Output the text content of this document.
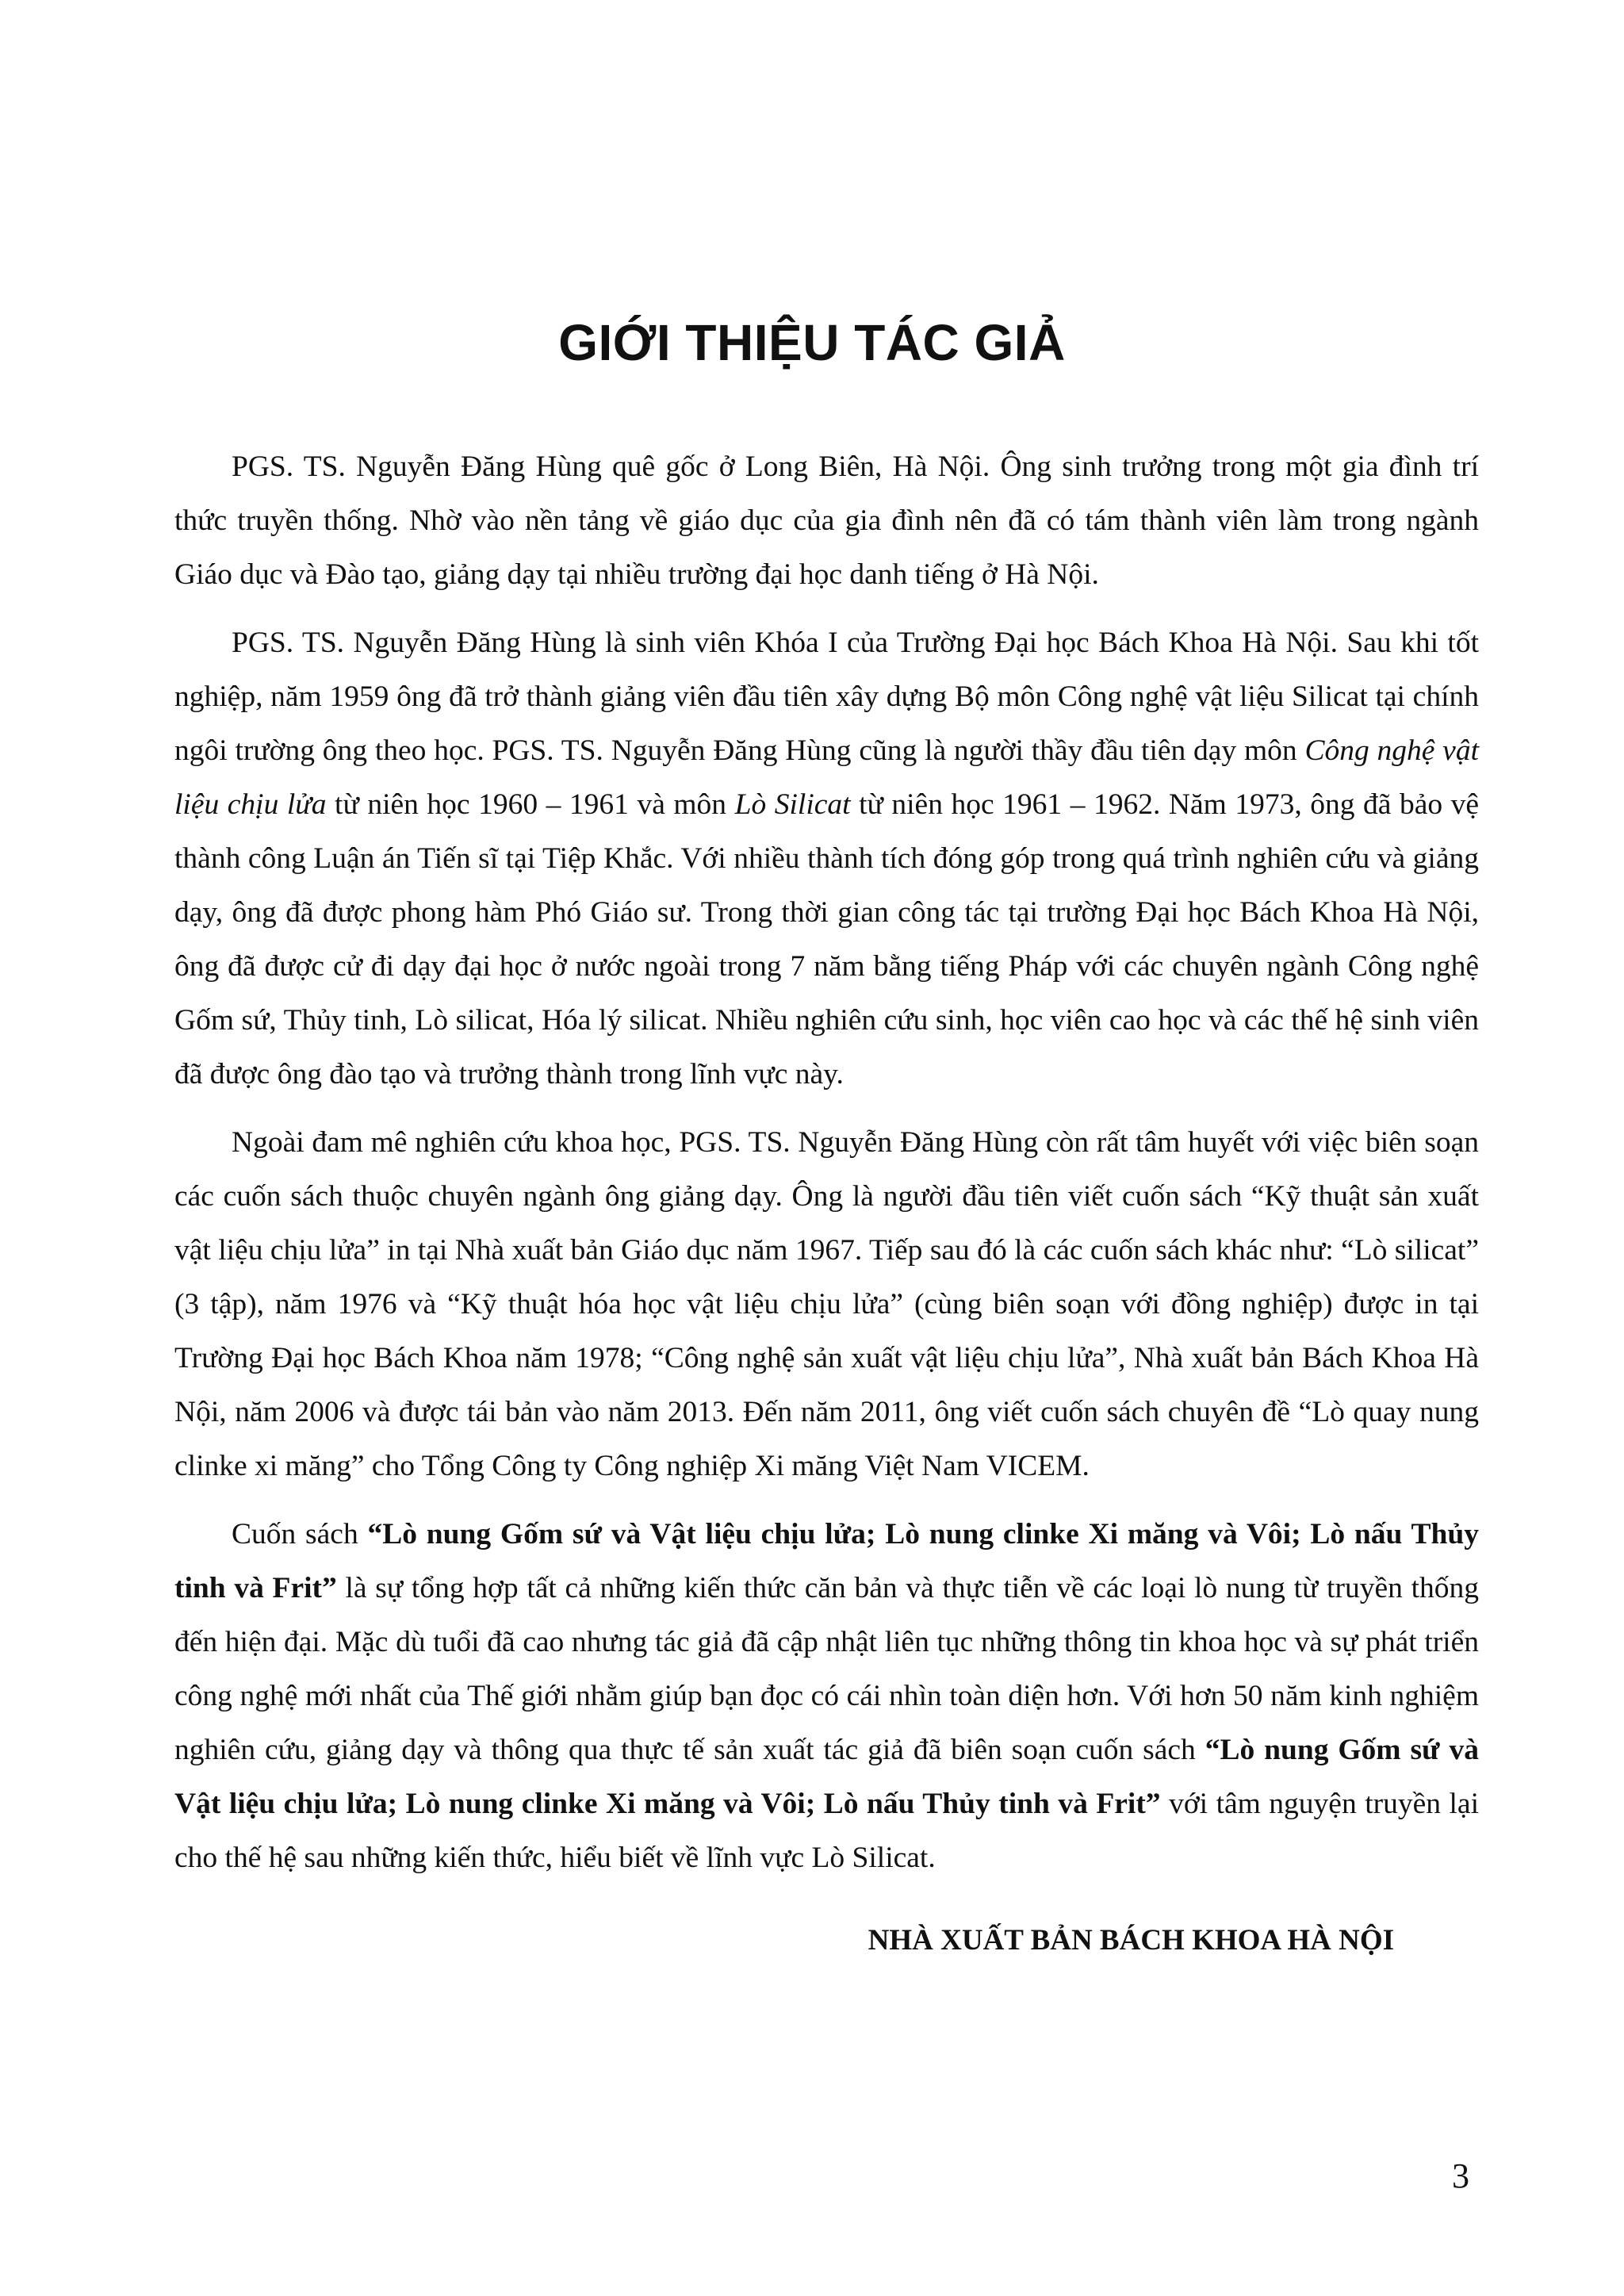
GIỚI THIỆU TÁC GIẢ

PGS. TS. Nguyễn Đăng Hùng quê gốc ở Long Biên, Hà Nội. Ông sinh trưởng trong một gia đình trí thức truyền thống. Nhờ vào nền tảng về giáo dục của gia đình nên đã có tám thành viên làm trong ngành Giáo dục và Đào tạo, giảng dạy tại nhiều trường đại học danh tiếng ở Hà Nội.

PGS. TS. Nguyễn Đăng Hùng là sinh viên Khóa I của Trường Đại học Bách Khoa Hà Nội. Sau khi tốt nghiệp, năm 1959 ông đã trở thành giảng viên đầu tiên xây dựng Bộ môn Công nghệ vật liệu Silicat tại chính ngôi trường ông theo học. PGS. TS. Nguyễn Đăng Hùng cũng là người thầy đầu tiên dạy môn Công nghệ vật liệu chịu lửa từ niên học 1960 – 1961 và môn Lò Silicat từ niên học 1961 – 1962. Năm 1973, ông đã bảo vệ thành công Luận án Tiến sĩ tại Tiệp Khắc. Với nhiều thành tích đóng góp trong quá trình nghiên cứu và giảng dạy, ông đã được phong hàm Phó Giáo sư. Trong thời gian công tác tại trường Đại học Bách Khoa Hà Nội, ông đã được cử đi dạy đại học ở nước ngoài trong 7 năm bằng tiếng Pháp với các chuyên ngành Công nghệ Gốm sứ, Thủy tinh, Lò silicat, Hóa lý silicat. Nhiều nghiên cứu sinh, học viên cao học và các thế hệ sinh viên đã được ông đào tạo và trưởng thành trong lĩnh vực này.

Ngoài đam mê nghiên cứu khoa học, PGS. TS. Nguyễn Đăng Hùng còn rất tâm huyết với việc biên soạn các cuốn sách thuộc chuyên ngành ông giảng dạy. Ông là người đầu tiên viết cuốn sách “Kỹ thuật sản xuất vật liệu chịu lửa” in tại Nhà xuất bản Giáo dục năm 1967. Tiếp sau đó là các cuốn sách khác như: “Lò silicat” (3 tập), năm 1976 và “Kỹ thuật hóa học vật liệu chịu lửa” (cùng biên soạn với đồng nghiệp) được in tại Trường Đại học Bách Khoa năm 1978; “Công nghệ sản xuất vật liệu chịu lửa”, Nhà xuất bản Bách Khoa Hà Nội, năm 2006 và được tái bản vào năm 2013. Đến năm 2011, ông viết cuốn sách chuyên đề “Lò quay nung clinke xi măng” cho Tổng Công ty Công nghiệp Xi măng Việt Nam VICEM.

Cuốn sách “Lò nung Gốm sứ và Vật liệu chịu lửa; Lò nung clinke Xi măng và Vôi; Lò nấu Thủy tinh và Frit” là sự tổng hợp tất cả những kiến thức căn bản và thực tiễn về các loại lò nung từ truyền thống đến hiện đại. Mặc dù tuổi đã cao nhưng tác giả đã cập nhật liên tục những thông tin khoa học và sự phát triển công nghệ mới nhất của Thế giới nhằm giúp bạn đọc có cái nhìn toàn diện hơn. Với hơn 50 năm kinh nghiệm nghiên cứu, giảng dạy và thông qua thực tế sản xuất tác giả đã biên soạn cuốn sách “Lò nung Gốm sứ và Vật liệu chịu lửa; Lò nung clinke Xi măng và Vôi; Lò nấu Thủy tinh và Frit” với tâm nguyện truyền lại cho thế hệ sau những kiến thức, hiểu biết về lĩnh vực Lò Silicat.

NHÀ XUẤT BẢN BÁCH KHOA HÀ NỘI

3
